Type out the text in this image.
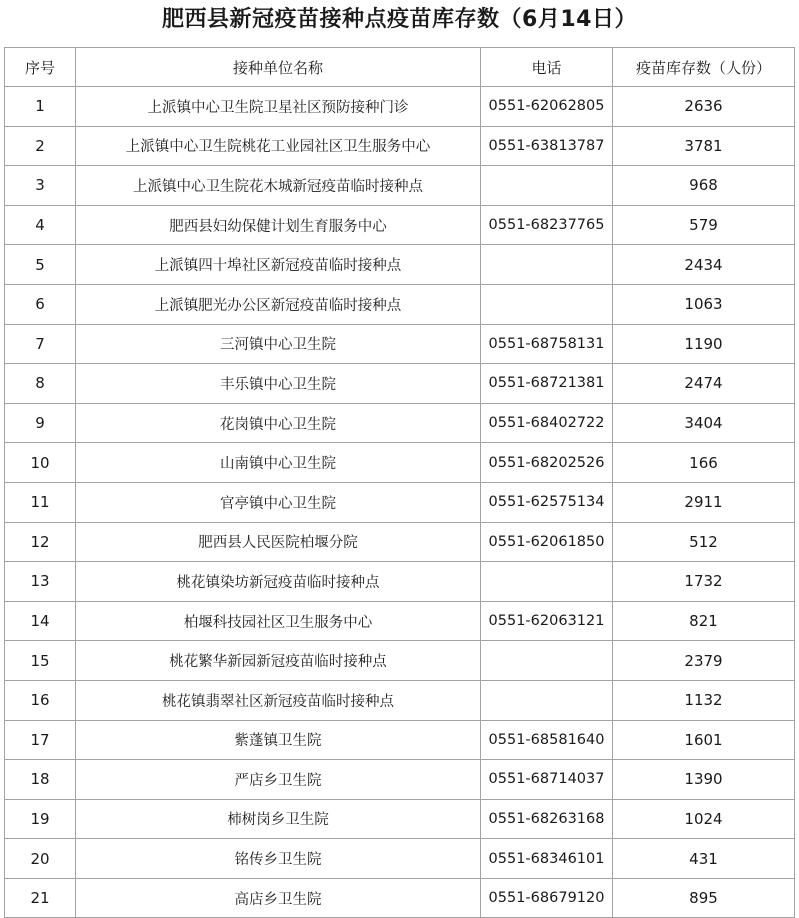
肥西县新冠疫苗接种点疫苗库存数（6月14日）
序号	接种单位名称	电话	疫苗库存数（人份）
1	上派镇中心卫生院卫星社区预防接种门诊	0551-62062805	2636
2	上派镇中心卫生院桃花工业园社区卫生服务中心	0551-63813787	3781
3	上派镇中心卫生院花木城新冠疫苗临时接种点		968
4	肥西县妇幼保健计划生育服务中心	0551-68237765	579
5	上派镇四十埠社区新冠疫苗临时接种点		2434
6	上派镇肥光办公区新冠疫苗临时接种点		1063
7	三河镇中心卫生院	0551-68758131	1190
8	丰乐镇中心卫生院	0551-68721381	2474
9	花岗镇中心卫生院	0551-68402722	3404
10	山南镇中心卫生院	0551-68202526	166
11	官亭镇中心卫生院	0551-62575134	2911
12	肥西县人民医院柏堰分院	0551-62061850	512
13	桃花镇染坊新冠疫苗临时接种点		1732
14	柏堰科技园社区卫生服务中心	0551-62063121	821
15	桃花繁华新园新冠疫苗临时接种点		2379
16	桃花镇翡翠社区新冠疫苗临时接种点		1132
17	紫蓬镇卫生院	0551-68581640	1601
18	严店乡卫生院	0551-68714037	1390
19	柿树岗乡卫生院	0551-68263168	1024
20	铭传乡卫生院	0551-68346101	431
21	高店乡卫生院	0551-68679120	895
